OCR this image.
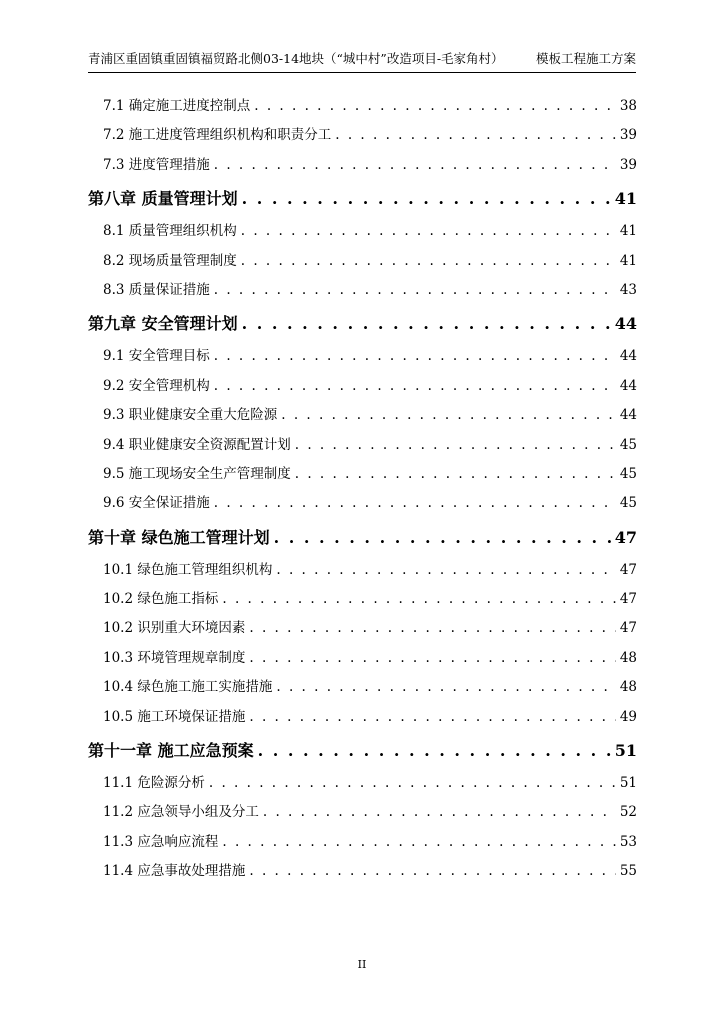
青浦区重固镇重固镇福贸路北侧03-14地块（“城中村”改造项目-毛家角村）	模板工程施工方案
7.1 确定施工进度控制点 . . .	38
7.2 施工进度管理组织机构和职责分工 . . .	39
7.3 进度管理措施 . . .	39
第八章 质量管理计划 . . .	41
8.1 质量管理组织机构 . . .	41
8.2 现场质量管理制度 . . .	41
8.3 质量保证措施 . . .	43
第九章 安全管理计划 . . .	44
9.1 安全管理目标 . . .	44
9.2 安全管理机构 . . .	44
9.3 职业健康安全重大危险源 . . .	44
9.4 职业健康安全资源配置计划 . . .	45
9.5 施工现场安全生产管理制度 . . .	45
9.6 安全保证措施 . . .	45
第十章 绿色施工管理计划 . . .	47
10.1 绿色施工管理组织机构 . . .	47
10.2 绿色施工指标 . . .	47
10.2 识别重大环境因素 . . .	47
10.3 环境管理规章制度 . . .	48
10.4 绿色施工施工实施措施 . . .	48
10.5 施工环境保证措施 . . .	49
第十一章 施工应急预案 . . .	51
11.1 危险源分析 . . .	51
11.2 应急领导小组及分工 . . .	52
11.3 应急响应流程 . . .	53
11.4 应急事故处理措施 . . .	55
II
